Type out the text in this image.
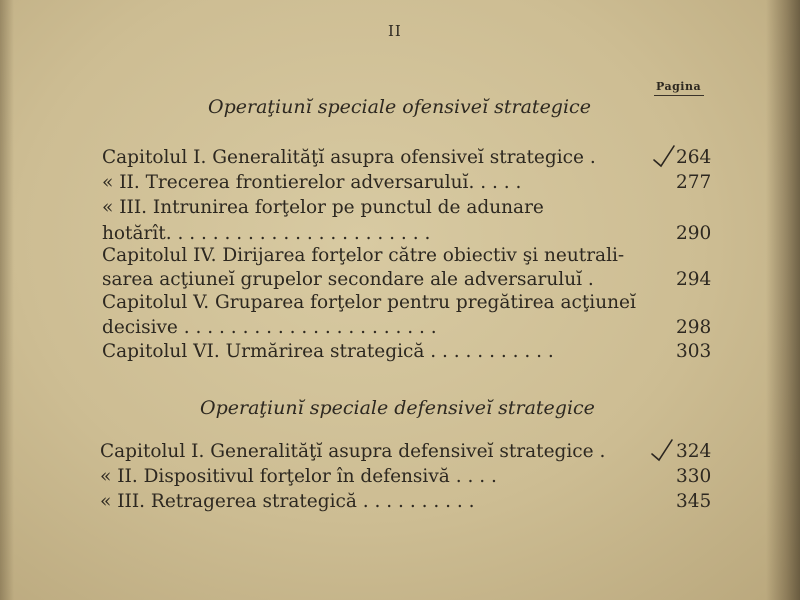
II
Pagina
Operaţiunĭ speciale ofensiveĭ strategice
Capitolul I. Generalităţĭ asupra ofensiveĭ strategice .	264
« II. Trecerea frontierelor adversaruluĭ. . . . .	277
« III. Intrunirea forţelor pe punctul de adunare
hotărît. . . . . . . . . . . . . . . . . . . . . . .	290
Capitolul IV. Dirijarea forţelor către obiectiv şi neutrali-
sarea acţiuneĭ grupelor secondare ale adversaruluĭ .	294
Capitolul V. Gruparea forţelor pentru pregătirea acţiuneĭ
decisive . . . . . . . . . . . . . . . . . . . . . .	298
Capitolul VI. Urmărirea strategică . . . . . . . . . . .	303
Operaţiunĭ speciale defensiveĭ strategice
Capitolul I. Generalităţĭ asupra defensiveĭ strategice .	324
« II. Dispositivul forţelor în defensivă . . . .	330
« III. Retragerea strategică . . . . . . . . . .	345
